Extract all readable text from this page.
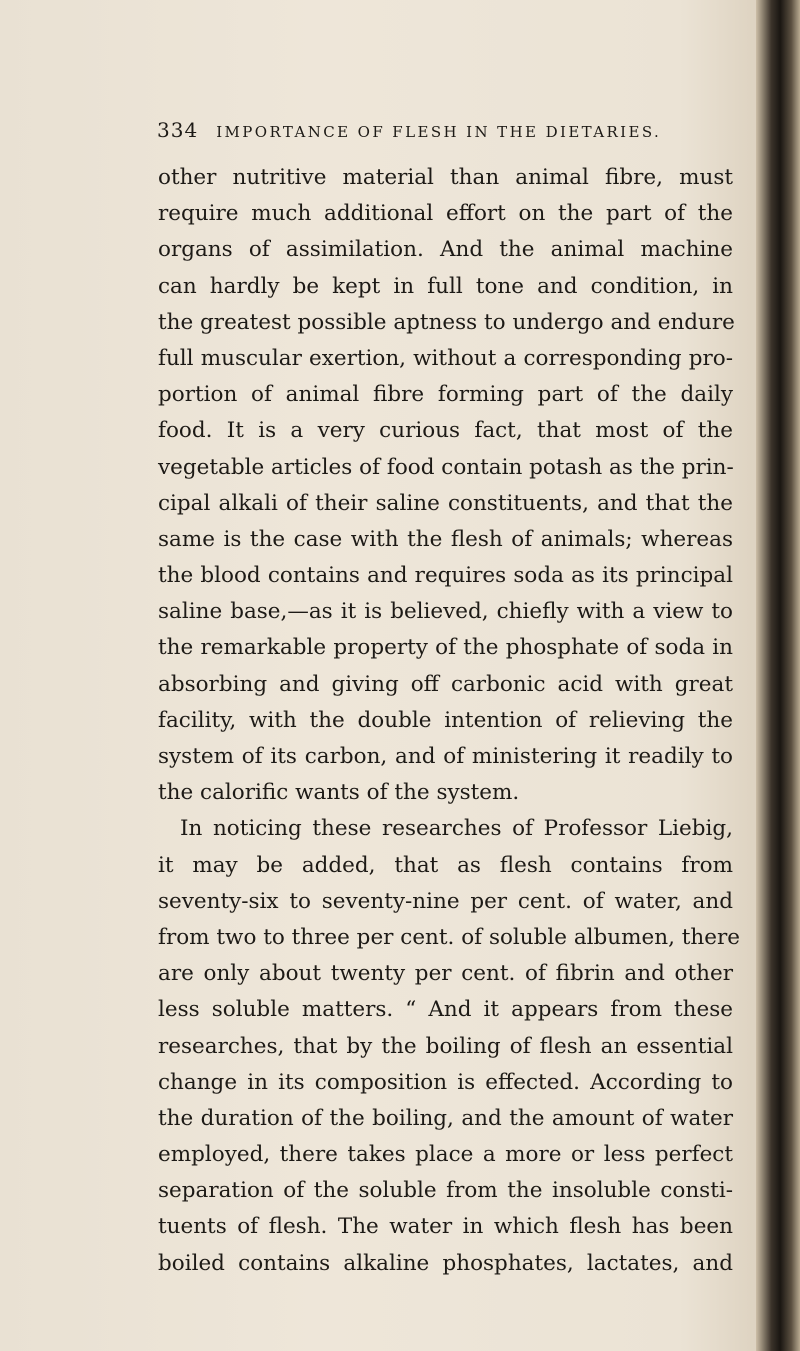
334 IMPORTANCE OF FLESH IN THE DIETARIES.
other nutritive material than animal fibre, must
require much additional effort on the part of the
organs of assimilation. And the animal machine
can hardly be kept in full tone and condition, in
the greatest possible aptness to undergo and endure
full muscular exertion, without a corresponding pro-
portion of animal fibre forming part of the daily
food. It is a very curious fact, that most of the
vegetable articles of food contain potash as the prin-
cipal alkali of their saline constituents, and that the
same is the case with the flesh of animals; whereas
the blood contains and requires soda as its principal
saline base,—as it is believed, chiefly with a view to
the remarkable property of the phosphate of soda in
absorbing and giving off carbonic acid with great
facility, with the double intention of relieving the
system of its carbon, and of ministering it readily to
the calorific wants of the system.
In noticing these researches of Professor Liebig,
it may be added, that as flesh contains from
seventy-six to seventy-nine per cent. of water, and
from two to three per cent. of soluble albumen, there
are only about twenty per cent. of fibrin and other
less soluble matters. “ And it appears from these
researches, that by the boiling of flesh an essential
change in its composition is effected. According to
the duration of the boiling, and the amount of water
employed, there takes place a more or less perfect
separation of the soluble from the insoluble consti-
tuents of flesh. The water in which flesh has been
boiled contains alkaline phosphates, lactates, and
